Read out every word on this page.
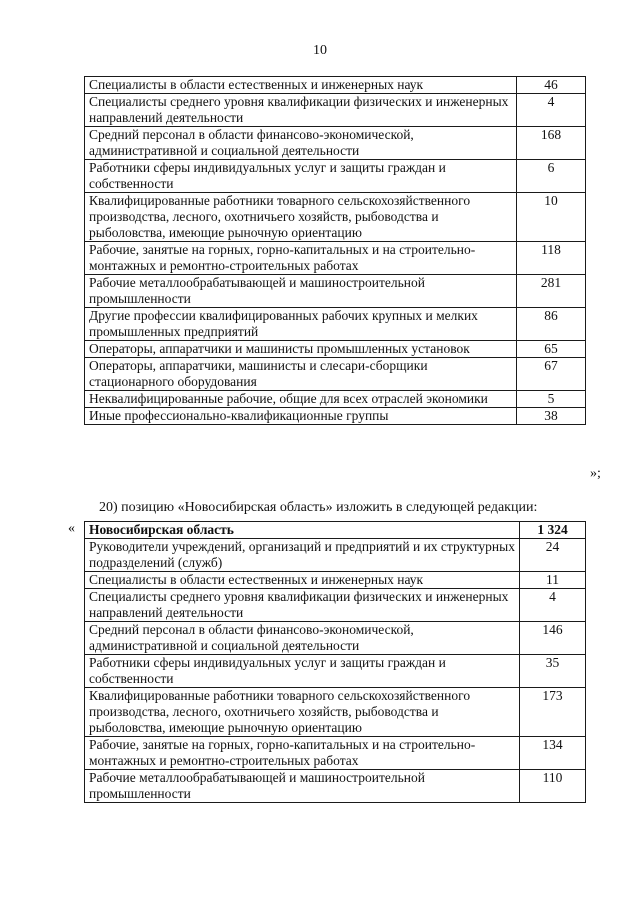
10
Специалисты в области естественных и инженерных наук	46
Специалисты среднего уровня квалификации физических и инженерных направлений деятельности	4
Средний персонал в области финансово-экономической, административной и социальной деятельности	168
Работники сферы индивидуальных услуг и защиты граждан и собственности	6
Квалифицированные работники товарного сельскохозяйственного производства, лесного, охотничьего хозяйств, рыбоводства и рыболовства, имеющие рыночную ориентацию	10
Рабочие, занятые на горных, горно-капитальных и на строительно-монтажных и ремонтно-строительных работах	118
Рабочие металлообрабатывающей и машиностроительной промышленности	281
Другие профессии квалифицированных рабочих крупных и мелких промышленных предприятий	86
Операторы, аппаратчики и машинисты промышленных установок	65
Операторы, аппаратчики, машинисты и слесари-сборщики стационарного оборудования	67
Неквалифицированные рабочие, общие для всех отраслей экономики	5
Иные профессионально-квалификационные группы	38
»;
20) позицию «Новосибирская область» изложить в следующей редакции:
« Новосибирская область	1 324
Руководители учреждений, организаций и предприятий и их структурных подразделений (служб)	24
Специалисты в области естественных и инженерных наук	11
Специалисты среднего уровня квалификации физических и инженерных направлений деятельности	4
Средний персонал в области финансово-экономической, административной и социальной деятельности	146
Работники сферы индивидуальных услуг и защиты граждан и собственности	35
Квалифицированные работники товарного сельскохозяйственного производства, лесного, охотничьего хозяйств, рыбоводства и рыболовства, имеющие рыночную ориентацию	173
Рабочие, занятые на горных, горно-капитальных и на строительно-монтажных и ремонтно-строительных работах	134
Рабочие металлообрабатывающей и машиностроительной промышленности	110
